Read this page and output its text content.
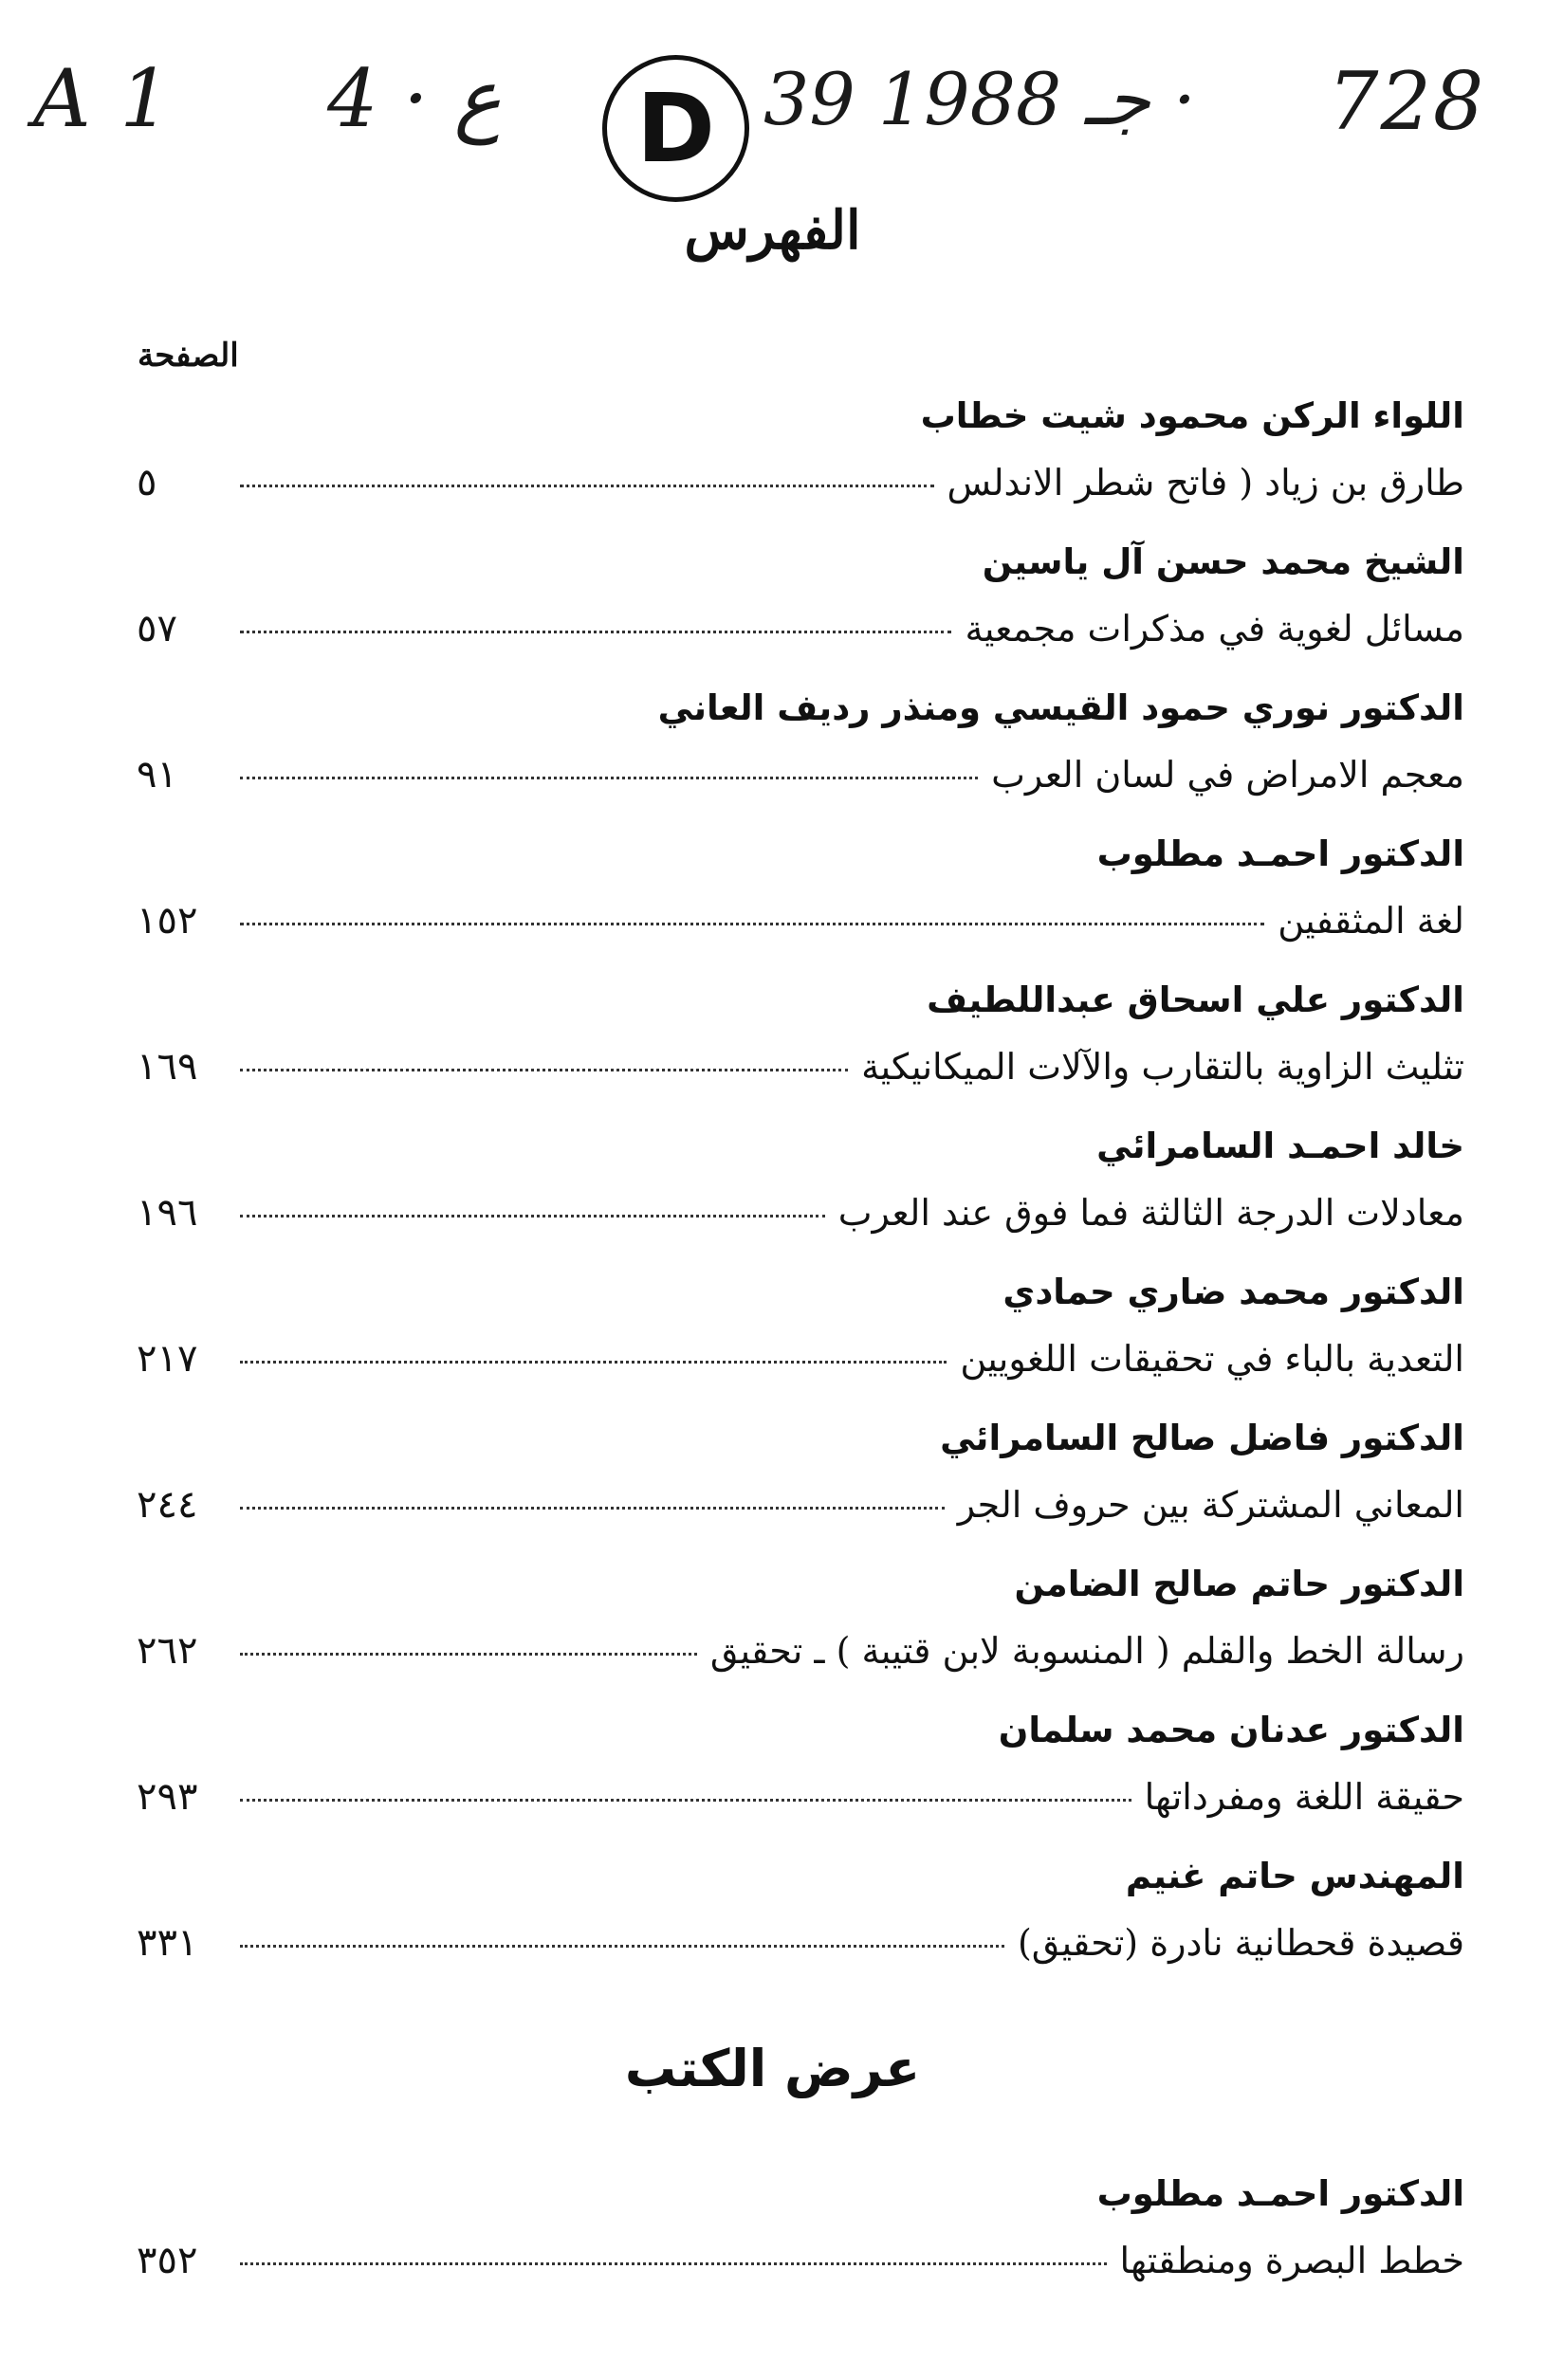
A 1 4 · ع	D 39 جـ 1988 · 728
الفهرس
الصفحة
اللواء الركن محمود شيت خطاب
طارق بن زياد ( فاتح شطر الاندلس
٥
الشيخ محمد حسن آل ياسين
مسائل لغوية في مذكرات مجمعية
٥٧
الدكتور نوري حمود القيسي ومنذر رديف العاني
معجم الامراض في لسان العرب
٩١
الدكتور احمـد مطلوب
لغة المثقفين
١٥٢
الدكتور علي اسحاق عبداللطيف
تثليث الزاوية بالتقارب والآلات الميكانيكية
١٦٩
خالد احمـد السامرائي
معادلات الدرجة الثالثة فما فوق عند العرب
١٩٦
الدكتور محمد ضاري حمادي
التعدية بالباء في تحقيقات اللغويين
٢١٧
الدكتور فاضل صالح السامرائي
المعاني المشتركة بين حروف الجر
٢٤٤
الدكتور حاتم صالح الضامن
رسالة الخط والقلم ( المنسوبة لابن قتيبة ) ـ تحقيق
٢٦٢
الدكتور عدنان محمد سلمان
حقيقة اللغة ومفرداتها
٢٩٣
المهندس حاتم غنيم
قصيدة قحطانية نادرة (تحقيق)
٣٣١
عرض الكتب
الدكتور احمـد مطلوب
خطط البصرة ومنطقتها
٣٥٢
